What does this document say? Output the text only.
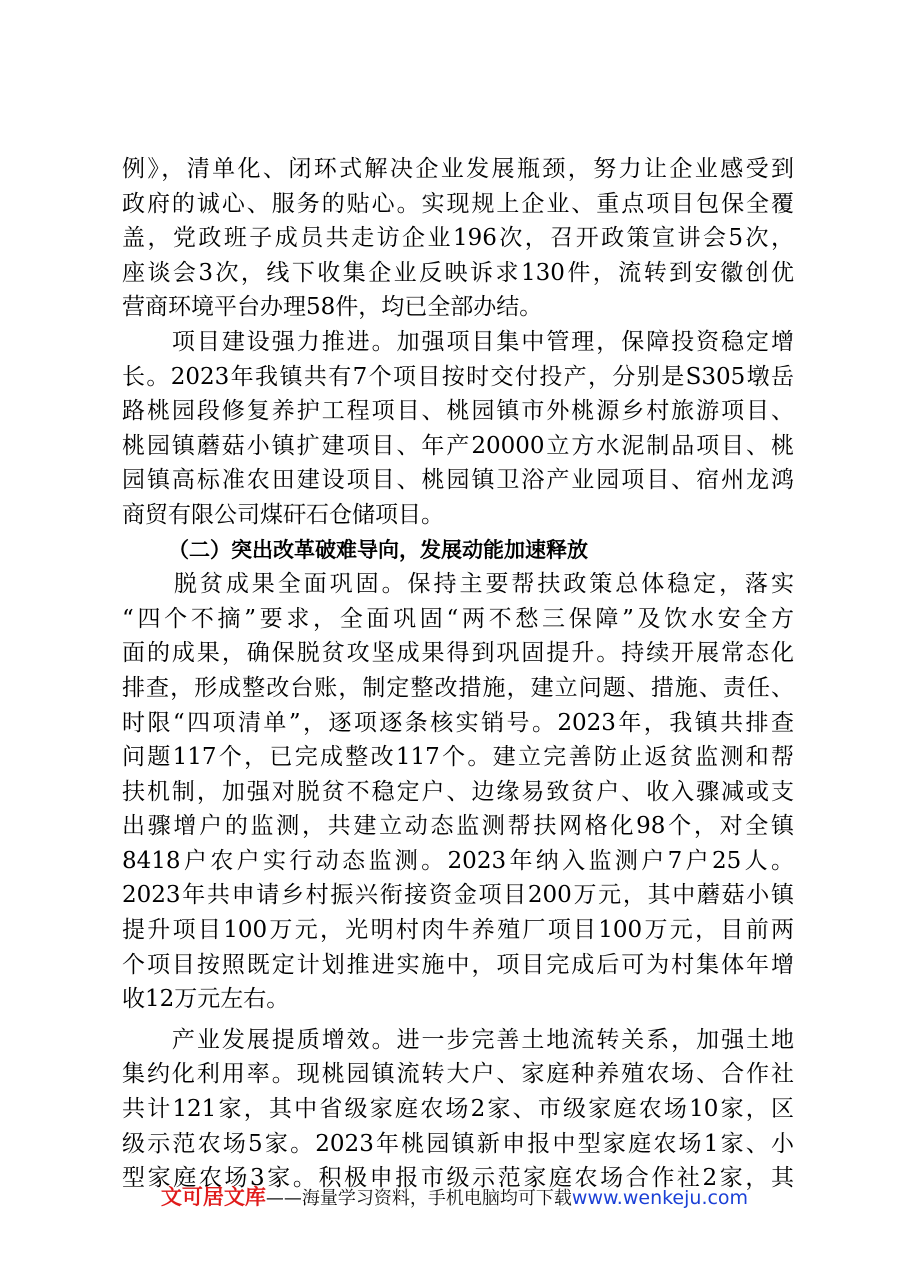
例》，清单化、闭环式解决企业发展瓶颈，努力让企业感受到
政府的诚心、服务的贴心。实现规上企业、重点项目包保全覆
盖，党政班子成员共走访企业196次，召开政策宣讲会5次，
座谈会3次，线下收集企业反映诉求130件，流转到安徽创优
营商环境平台办理58件，均已全部办结。
　　项目建设强力推进。加强项目集中管理，保障投资稳定增
长。2023年我镇共有7个项目按时交付投产，分别是S305墩岳
路桃园段修复养护工程项目、桃园镇市外桃源乡村旅游项目、
桃园镇蘑菇小镇扩建项目、年产20000立方水泥制品项目、桃
园镇高标准农田建设项目、桃园镇卫浴产业园项目、宿州龙鸿
商贸有限公司煤矸石仓储项目。
（二）突出改革破难导向，发展动能加速释放
　　脱贫成果全面巩固。保持主要帮扶政策总体稳定，落实
“四个不摘”要求，全面巩固“两不愁三保障”及饮水安全方
面的成果，确保脱贫攻坚成果得到巩固提升。持续开展常态化
排查，形成整改台账，制定整改措施，建立问题、措施、责任、
时限“四项清单”，逐项逐条核实销号。2023年，我镇共排查
问题117个，已完成整改117个。建立完善防止返贫监测和帮
扶机制，加强对脱贫不稳定户、边缘易致贫户、收入骤减或支
出骤增户的监测，共建立动态监测帮扶网格化98个，对全镇
8418户农户实行动态监测。2023年纳入监测户7户25人。
2023年共申请乡村振兴衔接资金项目200万元，其中蘑菇小镇
提升项目100万元，光明村肉牛养殖厂项目100万元，目前两
个项目按照既定计划推进实施中，项目完成后可为村集体年增
收12万元左右。
　　产业发展提质增效。进一步完善土地流转关系，加强土地
集约化利用率。现桃园镇流转大户、家庭种养殖农场、合作社
共计121家，其中省级家庭农场2家、市级家庭农场10家，区
级示范农场5家。2023年桃园镇新申报中型家庭农场1家、小
型家庭农场3家。积极申报市级示范家庭农场合作社2家，其
文可居文库——海量学习资料，手机电脑均可下载www.wenkeju.com
